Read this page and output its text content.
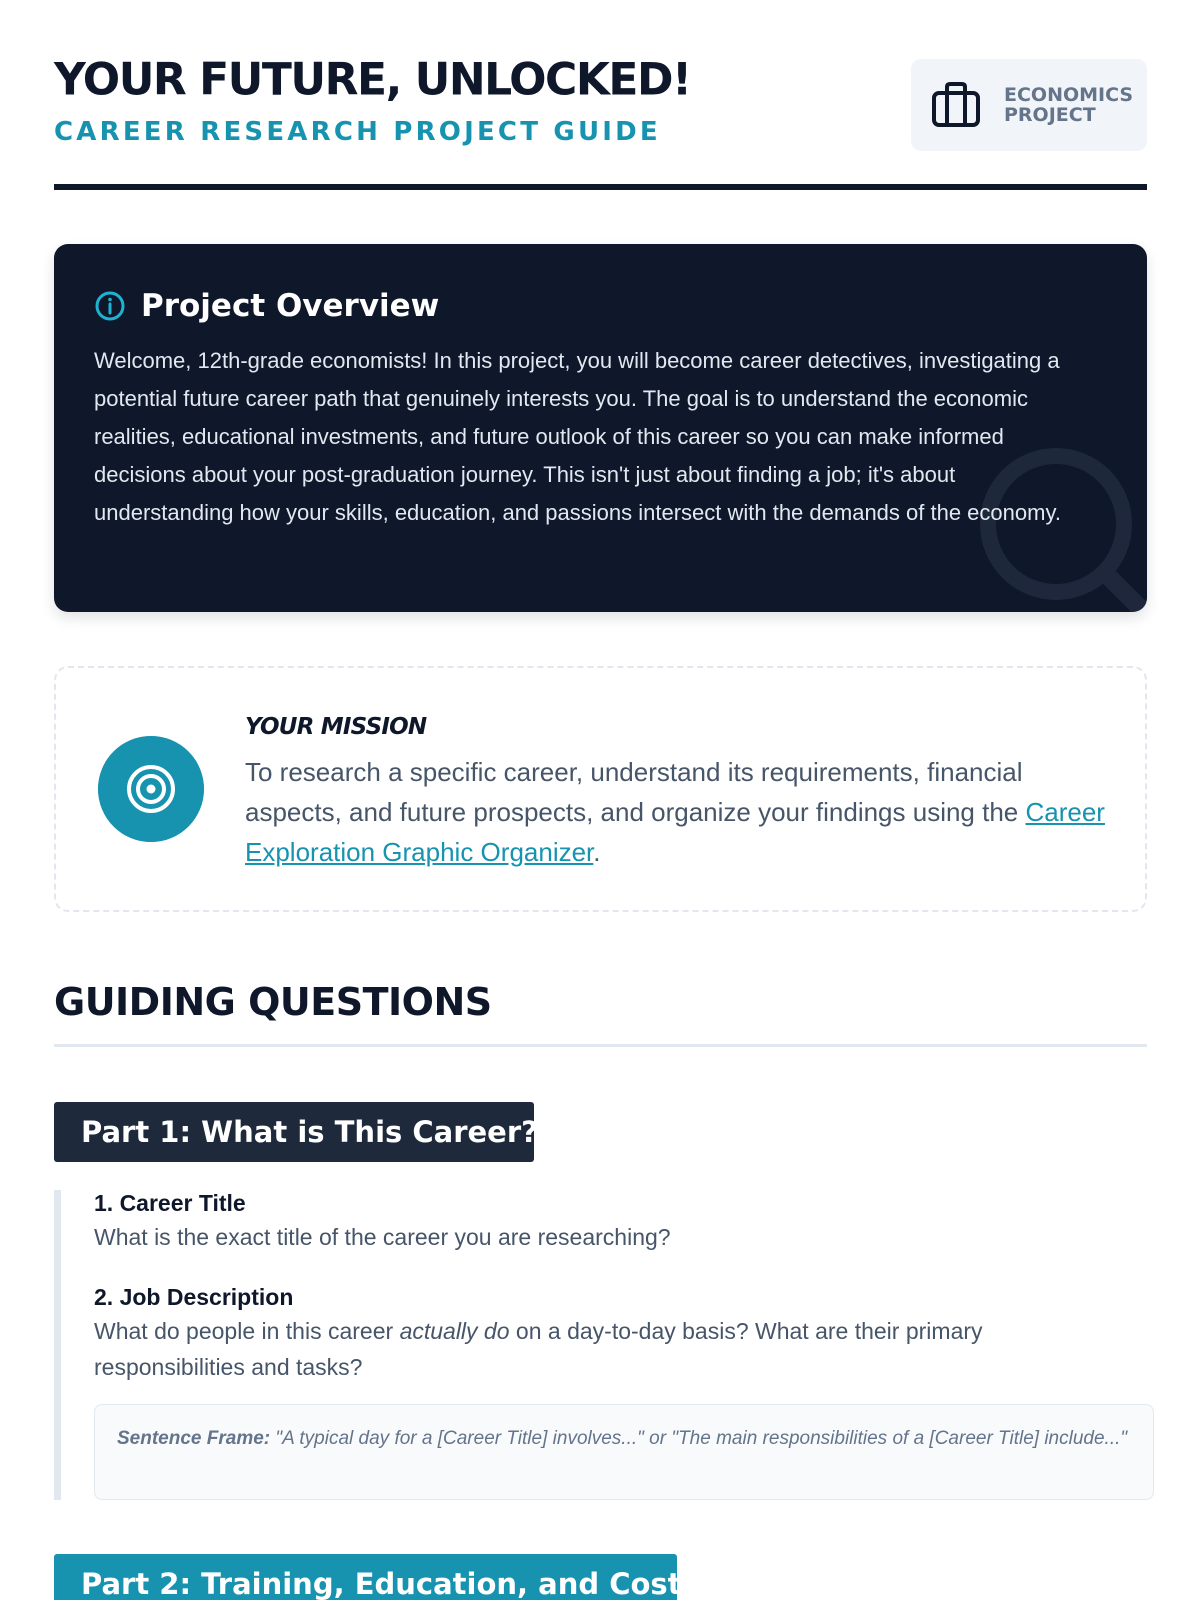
YOUR FUTURE, UNLOCKED!
CAREER RESEARCH PROJECT GUIDE
ECONOMICS
PROJECT
Project Overview
Welcome, 12th-grade economists! In this project, you will become career detectives, investigating a potential future career path that genuinely interests you. The goal is to understand the economic realities, educational investments, and future outlook of this career so you can make informed decisions about your post-graduation journey. This isn't just about finding a job; it's about understanding how your skills, education, and passions intersect with the demands of the economy.
YOUR MISSION
To research a specific career, understand its requirements, financial aspects, and future prospects, and organize your findings using the Career Exploration Graphic Organizer.
GUIDING QUESTIONS
Part 1: What is This Career?
1. Career Title
What is the exact title of the career you are researching?
2. Job Description
What do people in this career actually do on a day-to-day basis? What are their primary responsibilities and tasks?
Sentence Frame: "A typical day for a [Career Title] involves..." or "The main responsibilities of a [Career Title] include..."
Part 2: Training, Education, and Cost
